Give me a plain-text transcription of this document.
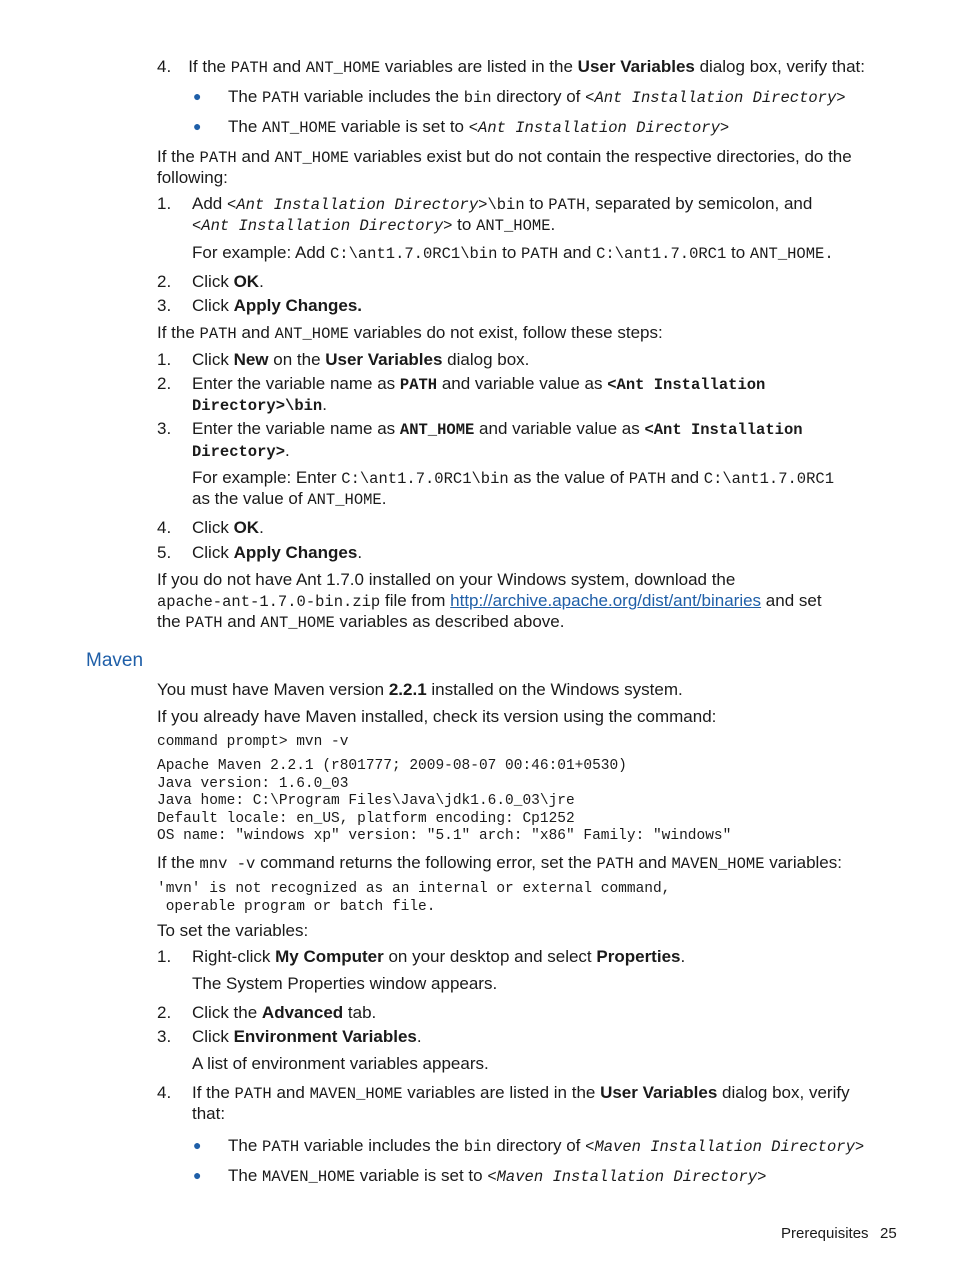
4. If the PATH and ANT_HOME variables are listed in the User Variables dialog box, verify that:
● The PATH variable includes the bin directory of <Ant Installation Directory>
● The ANT_HOME variable is set to <Ant Installation Directory>
If the PATH and ANT_HOME variables exist but do not contain the respective directories, do the
following:
1. Add <Ant Installation Directory>\bin to PATH, separated by semicolon, and
<Ant Installation Directory> to ANT_HOME.
For example: Add C:\ant1.7.0RC1\bin to PATH and C:\ant1.7.0RC1 to ANT_HOME.
2. Click OK.
3. Click Apply Changes.
If the PATH and ANT_HOME variables do not exist, follow these steps:
1. Click New on the User Variables dialog box.
2. Enter the variable name as PATH and variable value as <Ant Installation
Directory>\bin.
3. Enter the variable name as ANT_HOME and variable value as <Ant Installation
Directory>.
For example: Enter C:\ant1.7.0RC1\bin as the value of PATH and C:\ant1.7.0RC1
as the value of ANT_HOME.
4. Click OK.
5. Click Apply Changes.
If you do not have Ant 1.7.0 installed on your Windows system, download the
apache-ant-1.7.0-bin.zip file from http://archive.apache.org/dist/ant/binaries and set
the PATH and ANT_HOME variables as described above.
Maven
You must have Maven version 2.2.1 installed on the Windows system.
If you already have Maven installed, check its version using the command:
command prompt> mvn -v
Apache Maven 2.2.1 (r801777; 2009-08-07 00:46:01+0530)
Java version: 1.6.0_03
Java home: C:\Program Files\Java\jdk1.6.0_03\jre
Default locale: en_US, platform encoding: Cp1252
OS name: "windows xp" version: "5.1" arch: "x86" Family: "windows"
If the mnv -v command returns the following error, set the PATH and MAVEN_HOME variables:
'mvn' is not recognized as an internal or external command,
operable program or batch file.
To set the variables:
1. Right-click My Computer on your desktop and select Properties.
The System Properties window appears.
2. Click the Advanced tab.
3. Click Environment Variables.
A list of environment variables appears.
4. If the PATH and MAVEN_HOME variables are listed in the User Variables dialog box, verify
that:
● The PATH variable includes the bin directory of <Maven Installation Directory>
● The MAVEN_HOME variable is set to <Maven Installation Directory>
Prerequisites 25
